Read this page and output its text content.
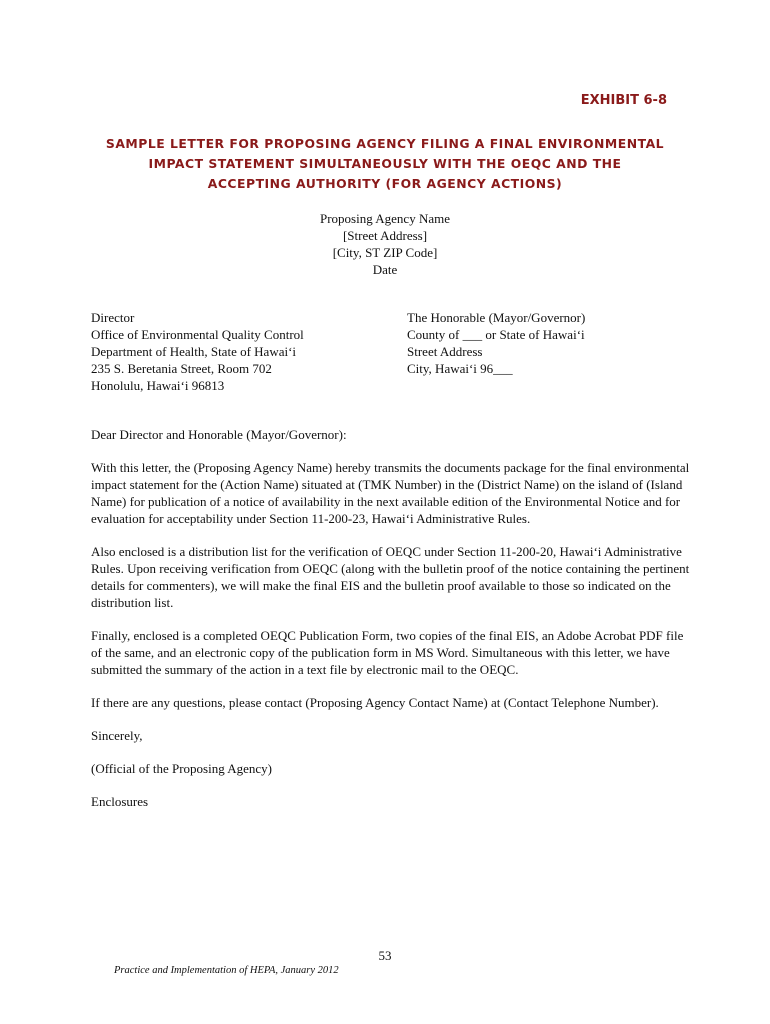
EXHIBIT 6-8
SAMPLE LETTER FOR PROPOSING AGENCY FILING A FINAL ENVIRONMENTAL
IMPACT STATEMENT SIMULTANEOUSLY WITH THE OEQC AND THE
ACCEPTING AUTHORITY (FOR AGENCY ACTIONS)
Proposing Agency Name
[Street Address]
[City, ST ZIP Code]
Date
Director
Office of Environmental Quality Control
Department of Health, State of Hawai‘i
235 S. Beretania Street, Room 702
Honolulu, Hawai‘i 96813
The Honorable (Mayor/Governor)
County of ___ or State of Hawai‘i
Street Address
City, Hawai‘i 96___

Dear Director and Honorable (Mayor/Governor):

With this letter, the (Proposing Agency Name) hereby transmits the documents package for the final environmental impact statement for the (Action Name) situated at (TMK Number) in the (District Name) on the island of (Island Name) for publication of a notice of availability in the next available edition of the Environmental Notice and for evaluation for acceptability under Section 11-200-23, Hawai‘i Administrative Rules.

Also enclosed is a distribution list for the verification of OEQC under Section 11-200-20, Hawai‘i Administrative Rules. Upon receiving verification from OEQC (along with the bulletin proof of the notice containing the pertinent details for commenters), we will make the final EIS and the bulletin proof available to those so indicated on the distribution list.

Finally, enclosed is a completed OEQC Publication Form, two copies of the final EIS, an Adobe Acrobat PDF file of the same, and an electronic copy of the publication form in MS Word. Simultaneous with this letter, we have submitted the summary of the action in a text file by electronic mail to the OEQC.

If there are any questions, please contact (Proposing Agency Contact Name) at (Contact Telephone Number).

Sincerely,

(Official of the Proposing Agency)

Enclosures

53
Practice and Implementation of HEPA, January 2012
